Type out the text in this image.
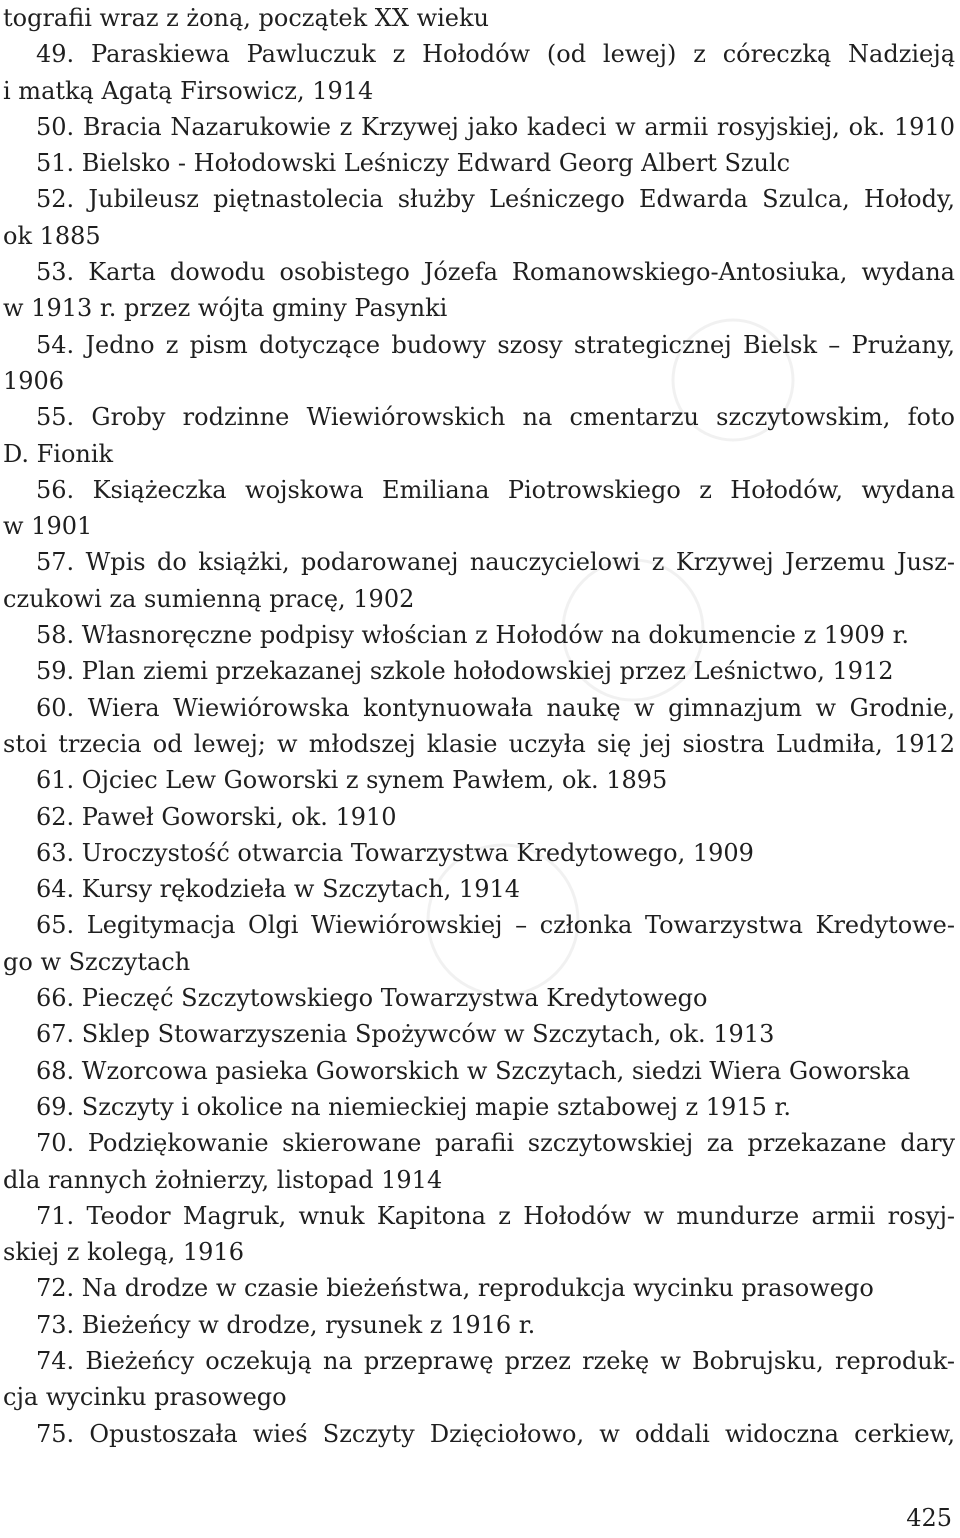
tografii wraz z żoną, początek XX wieku
49. Paraskiewa Pawluczuk z Hołodów (od lewej) z córeczką Nadzieją
i matką Agatą Firsowicz, 1914
50. Bracia Nazarukowie z Krzywej jako kadeci w armii rosyjskiej, ok. 1910
51. Bielsko - Hołodowski Leśniczy Edward Georg Albert Szulc
52. Jubileusz piętnastolecia służby Leśniczego Edwarda Szulca, Hołody,
ok 1885
53. Karta dowodu osobistego Józefa Romanowskiego-Antosiuka, wydana
w 1913 r. przez wójta gminy Pasynki
54. Jedno z pism dotyczące budowy szosy strategicznej Bielsk – Prużany,
1906
55. Groby rodzinne Wiewiórowskich na cmentarzu szczytowskim, foto
D. Fionik
56. Książeczka wojskowa Emiliana Piotrowskiego z Hołodów, wydana
w 1901
57. Wpis do książki, podarowanej nauczycielowi z Krzywej Jerzemu Jusz-
czukowi za sumienną pracę, 1902
58. Własnoręczne podpisy włościan z Hołodów na dokumencie z 1909 r.
59. Plan ziemi przekazanej szkole hołodowskiej przez Leśnictwo, 1912
60. Wiera Wiewiórowska kontynuowała naukę w gimnazjum w Grodnie,
stoi trzecia od lewej; w młodszej klasie uczyła się jej siostra Ludmiła, 1912
61. Ojciec Lew Goworski z synem Pawłem, ok. 1895
62. Paweł Goworski, ok. 1910
63. Uroczystość otwarcia Towarzystwa Kredytowego, 1909
64. Kursy rękodzieła w Szczytach, 1914
65. Legitymacja Olgi Wiewiórowskiej – członka Towarzystwa Kredytowe-
go w Szczytach
66. Pieczęć Szczytowskiego Towarzystwa Kredytowego
67. Sklep Stowarzyszenia Spożywców w Szczytach, ok. 1913
68. Wzorcowa pasieka Goworskich w Szczytach, siedzi Wiera Goworska
69. Szczyty i okolice na niemieckiej mapie sztabowej z 1915 r.
70. Podziękowanie skierowane parafii szczytowskiej za przekazane dary
dla rannych żołnierzy, listopad 1914
71. Teodor Magruk, wnuk Kapitona z Hołodów w mundurze armii rosyj-
skiej z kolegą, 1916
72. Na drodze w czasie bieżeństwa, reprodukcja wycinku prasowego
73. Bieżeńcy w drodze, rysunek z 1916 r.
74. Bieżeńcy oczekują na przeprawę przez rzekę w Bobrujsku, reproduk-
cja wycinku prasowego
75. Opustoszała wieś Szczyty Dzięciołowo, w oddali widoczna cerkiew,
425
